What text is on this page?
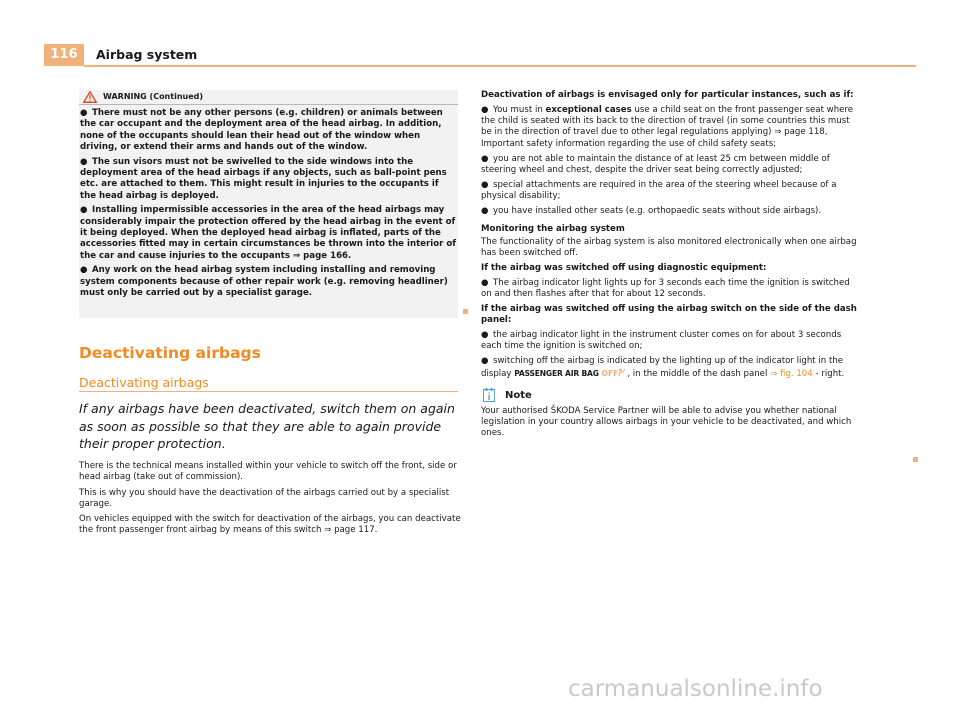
116	Airbag system
WARNING (Continued)

● There must not be any other persons (e.g. children) or animals between the car occupant and the deployment area of the head airbag. In addition, none of the occupants should lean their head out of the window when driving, or extend their arms and hands out of the window.

● The sun visors must not be swivelled to the side windows into the deployment area of the head airbags if any objects, such as ball-point pens etc. are attached to them. This might result in injuries to the occupants if the head airbag is deployed.

● Installing impermissible accessories in the area of the head airbags may considerably impair the protection offered by the head airbag in the event of it being deployed. When the deployed head airbag is inflated, parts of the accessories fitted may in certain circumstances be thrown into the interior of the car and cause injuries to the occupants ⇒ page 166.

● Any work on the head airbag system including installing and removing system components because of other repair work (e.g. removing headliner) must only be carried out by a specialist garage.

Deactivating airbags
Deactivating airbags
If any airbags have been deactivated, switch them on again as soon as possible so that they are able to again provide their proper protection.

There is the technical means installed within your vehicle to switch off the front, side or head airbag (take out of commission).

This is why you should have the deactivation of the airbags carried out by a specialist garage.

On vehicles equipped with the switch for deactivation of the airbags, you can deactivate the front passenger front airbag by means of this switch ⇒ page 117.

Deactivation of airbags is envisaged only for particular instances, such as if:

● You must in exceptional cases use a child seat on the front passenger seat where the child is seated with its back to the direction of travel (in some countries this must be in the direction of travel due to other legal regulations applying) ⇒ page 118, Important safety information regarding the use of child safety seats;

● you are not able to maintain the distance of at least 25 cm between middle of steering wheel and chest, despite the driver seat being correctly adjusted;

● special attachments are required in the area of the steering wheel because of a physical disability;

● you have installed other seats (e.g. orthopaedic seats without side airbags).

Monitoring the airbag system

The functionality of the airbag system is also monitored electronically when one airbag has been switched off.

If the airbag was switched off using diagnostic equipment:

● The airbag indicator light lights up for 3 seconds each time the ignition is switched on and then flashes after that for about 12 seconds.

If the airbag was switched off using the airbag switch on the side of the dash panel:

● the airbag indicator light in the instrument cluster comes on for about 3 seconds each time the ignition is switched on;

● switching off the airbag is indicated by the lighting up of the indicator light in the display PASSENGER AIR BAG OFF , in the middle of the dash panel ⇒ fig. 104 - right.

Note

Your authorised ŠKODA Service Partner will be able to advise you whether national legislation in your country allows airbags in your vehicle to be deactivated, and which ones.

carmanualsonline.info
